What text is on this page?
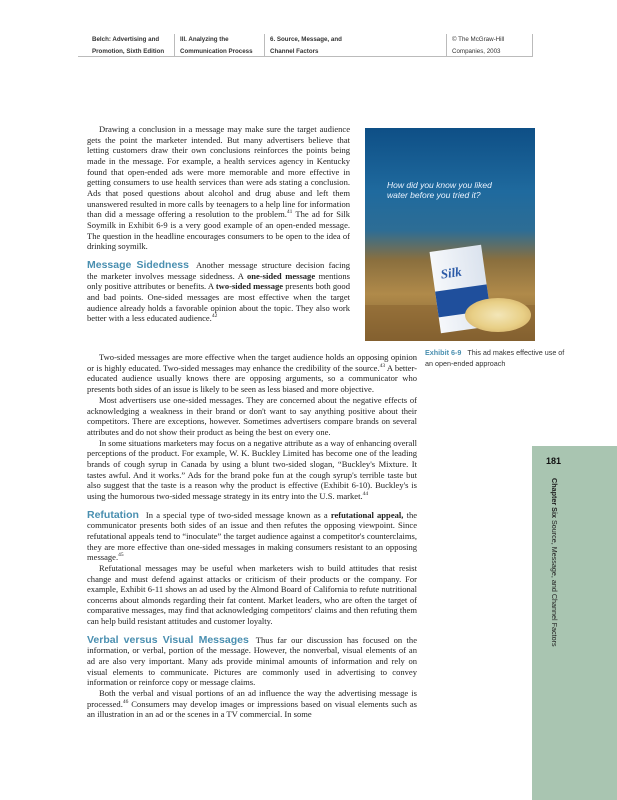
Belch: Advertising and
Promotion, Sixth Edition
III. Analyzing the
Communication Process
6. Source, Message, and
Channel Factors
© The McGraw-Hill
Companies, 2003
How did you know you liked
water before you tried it?
Silk
Exhibit 6-9 This ad makes effective use of an open-ended approach

Drawing a conclusion in a message may make sure the target audience gets the point the marketer intended. But many advertisers believe that letting customers draw their own conclusions reinforces the points being made in the message. For example, a health services agency in Kentucky found that open-ended ads were more memorable and more effective in getting consumers to use health services than were ads stating a conclusion. Ads that posed questions about alcohol and drug abuse and left them unanswered resulted in more calls by teenagers to a help line for information than did a message offering a resolution to the problem.$^{41}$ The ad for Silk Soymilk in Exhibit 6-9 is a very good example of an open-ended message. The question in the headline encourages consumers to be open to the idea of drinking soymilk.

Message Sidedness Another message structure decision facing the marketer involves message sidedness. A one-sided message mentions only positive attributes or benefits. A two-sided message presents both good and bad points. One-sided messages are most effective when the target audience already holds a favorable opinion about the topic. They also work better with a less educated audience.$^{42}$

Two-sided messages are more effective when the target audience holds an opposing opinion or is highly educated. Two-sided messages may enhance the credibility of the source.$^{43}$ A better-educated audience usually knows there are opposing arguments, so a communicator who presents both sides of an issue is likely to be seen as less biased and more objective.

Most advertisers use one-sided messages. They are concerned about the negative effects of acknowledging a weakness in their brand or don't want to say anything positive about their competitors. There are exceptions, however. Sometimes advertisers compare brands on several attributes and do not show their product as being the best on every one.

In some situations marketers may focus on a negative attribute as a way of enhancing overall perceptions of the product. For example, W. K. Buckley Limited has become one of the leading brands of cough syrup in Canada by using a blunt two-sided slogan, “Buckley's Mixture. It tastes awful. And it works.” Ads for the brand poke fun at the cough syrup's terrible taste but also suggest that the taste is a reason why the product is effective (Exhibit 6-10). Buckley's is using the humorous two-sided message strategy in its entry into the U.S. market.$^{44}$

Refutation In a special type of two-sided message known as a refutational appeal, the communicator presents both sides of an issue and then refutes the opposing viewpoint. Since refutational appeals tend to “inoculate” the target audience against a competitor's counterclaims, they are more effective than one-sided messages in making consumers resistant to an opposing message.$^{45}$

Refutational messages may be useful when marketers wish to build attitudes that resist change and must defend against attacks or criticism of their products or the company. For example, Exhibit 6-11 shows an ad used by the Almond Board of California to refute nutritional concerns about almonds regarding their fat content. Market leaders, who are often the target of comparative messages, may find that acknowledging competitors' claims and then refuting them can help build resistant attitudes and customer loyalty.

Verbal versus Visual Messages Thus far our discussion has focused on the information, or verbal, portion of the message. However, the nonverbal, visual elements of an ad are also very important. Many ads provide minimal amounts of information and rely on visual elements to communicate. Pictures are commonly used in advertising to convey information or reinforce copy or message claims.

Both the verbal and visual portions of an ad influence the way the advertising message is processed.$^{46}$ Consumers may develop images or impressions based on visual elements such as an illustration in an ad or the scenes in a TV commercial. In some

181
Chapter Six Source, Message, and Channel Factors
